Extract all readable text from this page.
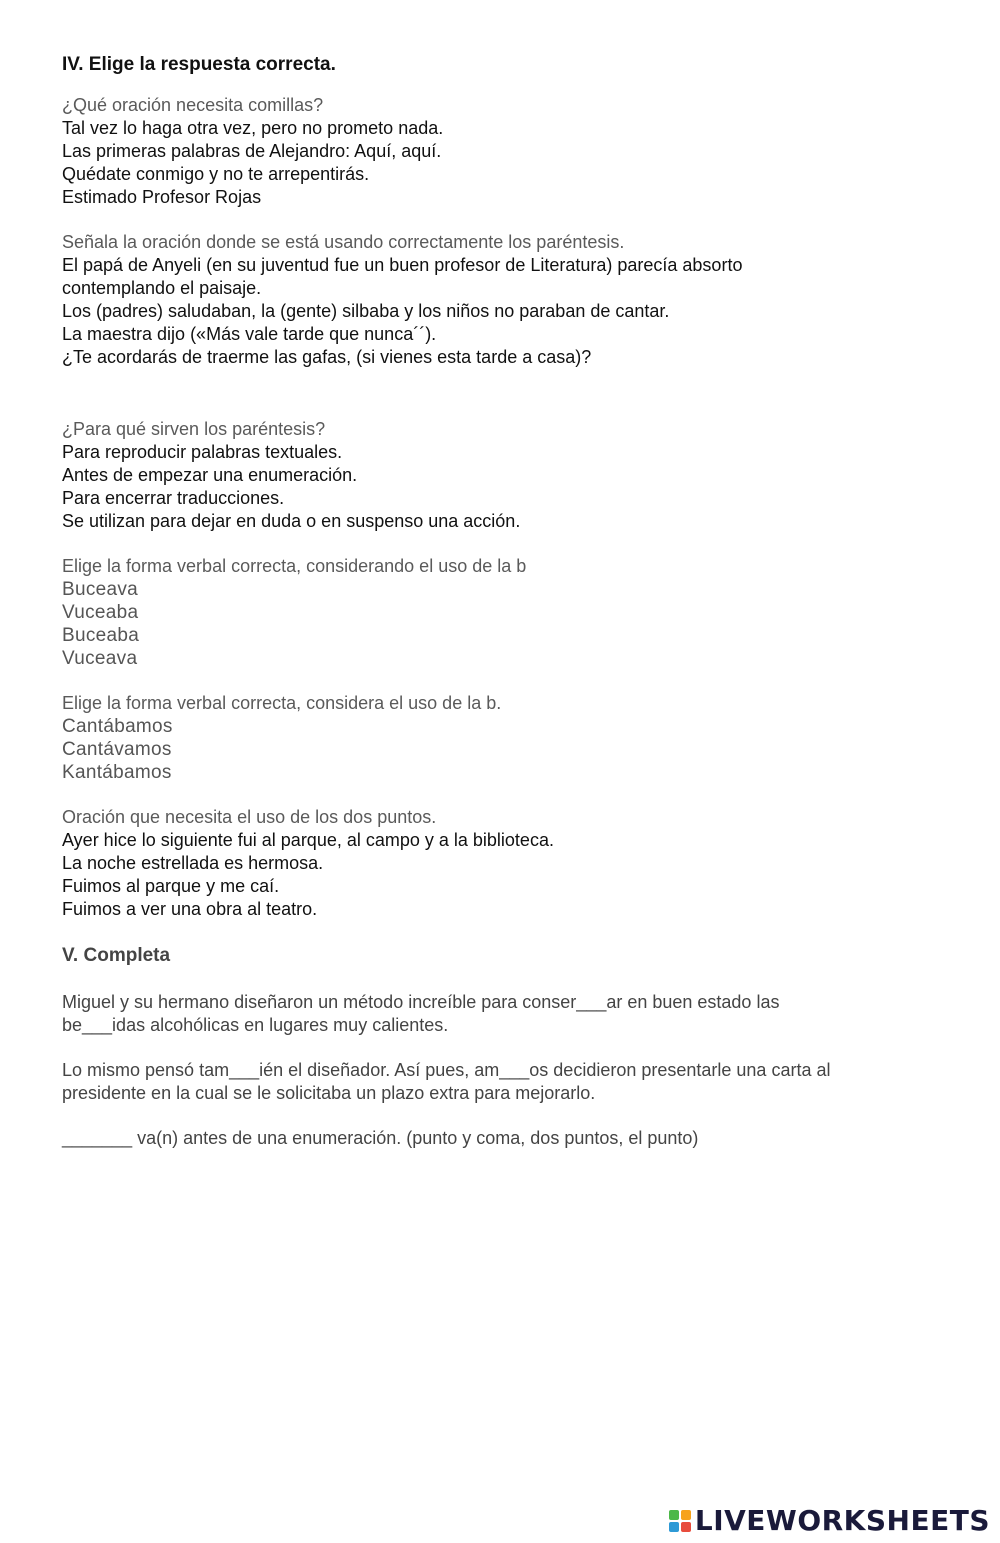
IV. Elige la respuesta correcta.
¿Qué oración necesita comillas?
Tal vez lo haga otra vez, pero no prometo nada.
Las primeras palabras de Alejandro: Aquí, aquí.
Quédate conmigo y no te arrepentirás.
Estimado Profesor Rojas
Señala la oración donde se está usando correctamente los paréntesis.
El papá de Anyeli (en su juventud fue un buen profesor de Literatura) parecía absorto contemplando el paisaje.
Los (padres) saludaban, la (gente) silbaba y los niños no paraban de cantar.
La maestra dijo («Más vale tarde que nunca´´).
¿Te acordarás de traerme las gafas, (si vienes esta tarde a casa)?
¿Para qué sirven los paréntesis?
Para reproducir palabras textuales.
Antes de empezar una enumeración.
Para encerrar traducciones.
Se utilizan para dejar en duda o en suspenso una acción.
Elige la forma verbal correcta, considerando el uso de la b
Buceava
Vuceaba
Buceaba
Vuceava
Elige la forma verbal correcta, considera el uso de la b.
Cantábamos
Cantávamos
Kantábamos
Oración que necesita el uso de los dos puntos.
Ayer hice lo siguiente fui al parque, al campo y a la biblioteca.
La noche estrellada es hermosa.
Fuimos al parque y me caí.
Fuimos a ver una obra al teatro.
V. Completa
Miguel y su hermano diseñaron un método increíble para conser___ar en buen estado las be___idas alcohólicas en lugares muy calientes.
Lo mismo pensó tam___ién el diseñador. Así pues, am___os decidieron presentarle una carta al presidente en la cual se le solicitaba un plazo extra para mejorarlo.
_______ va(n) antes de una enumeración. (punto y coma, dos puntos, el punto)
LIVEWORKSHEETS
